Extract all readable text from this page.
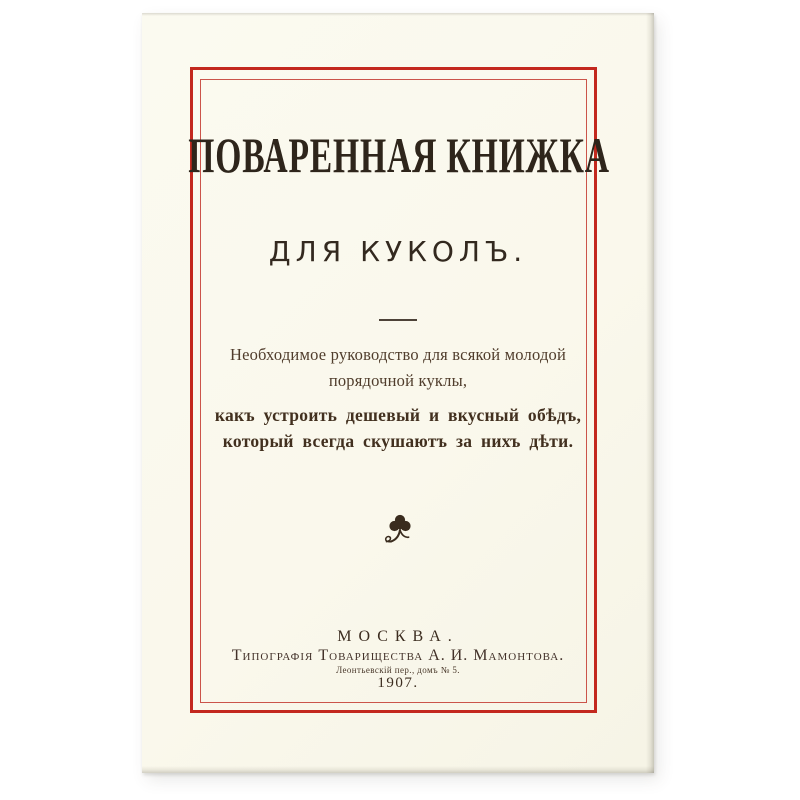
ПОВАРЕННАЯ КНИЖКА
ДЛЯ КУКОЛЪ.
Необходимое руководство для всякой молодой порядочной куклы,
какъ устроить дешевый и вкусный обѣдъ, который всегда скушаютъ за нихъ дѣти.
МОСКВА.
Типографія Товарищества А. И. Мамонтова.
Леонтьевскій пер., домъ № 5.
1907.
